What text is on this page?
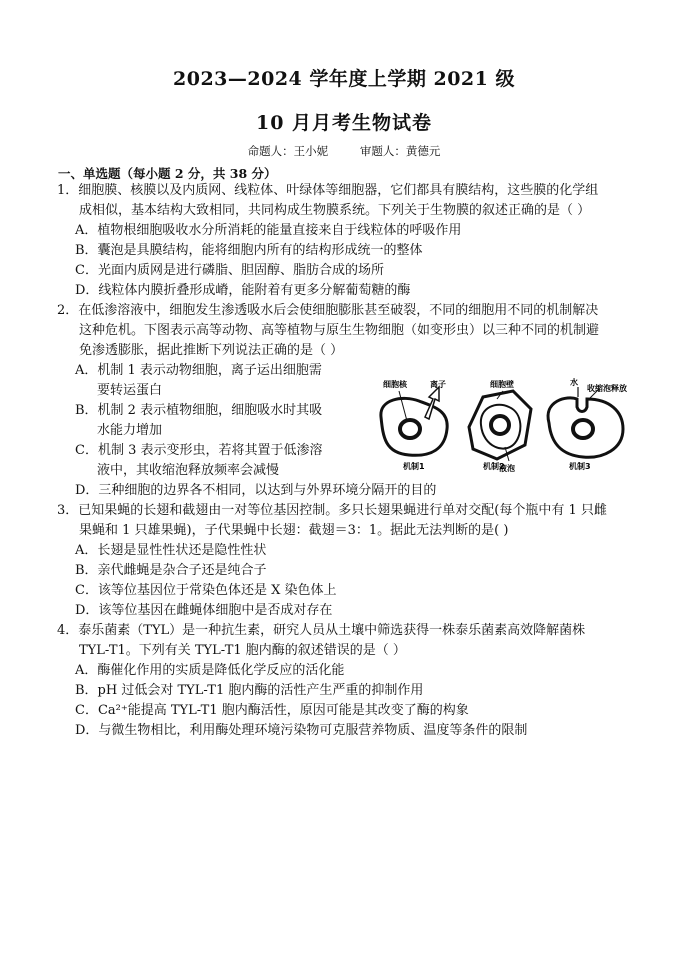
2023—2024 学年度上学期 2021 级
10 月月考生物试卷
命题人：王小妮	审题人：黄德元
一、单选题（每小题 2 分，共 38 分）
1．细胞膜、核膜以及内质网、线粒体、叶绿体等细胞器，它们都具有膜结构，这些膜的化学组
成相似，基本结构大致相同，共同构成生物膜系统。下列关于生物膜的叙述正确的是（ ）
A．植物根细胞吸收水分所消耗的能量直接来自于线粒体的呼吸作用
B．囊泡是具膜结构，能将细胞内所有的结构形成统一的整体
C．光面内质网是进行磷脂、胆固醇、脂肪合成的场所
D．线粒体内膜折叠形成嵴，能附着有更多分解葡萄糖的酶
2．在低渗溶液中，细胞发生渗透吸水后会使细胞膨胀甚至破裂，不同的细胞用不同的机制解决
这种危机。下图表示高等动物、高等植物与原生生物细胞（如变形虫）以三种不同的机制避
免渗透膨胀，据此推断下列说法正确的是（ ）
A．机制 1 表示动物细胞，离子运出细胞需
要转运蛋白
B．机制 2 表示植物细胞，细胞吸水时其吸
水能力增加
C．机制 3 表示变形虫，若将其置于低渗溶
液中，其收缩泡释放频率会减慢
D．三种细胞的边界各不相同，以达到与外界环境分隔开的目的
细胞核	离子	细胞壁
液泡
水
收缩泡释放
机制1	机制2	机制3
3．已知果蝇的长翅和截翅由一对等位基因控制。多只长翅果蝇进行单对交配(每个瓶中有 1 只雌
果蝇和 1 只雄果蝇)，子代果蝇中长翅：截翅＝3：1。据此无法判断的是( )
A．长翅是显性性状还是隐性性状
B．亲代雌蝇是杂合子还是纯合子
C．该等位基因位于常染色体还是 X 染色体上
D．该等位基因在雌蝇体细胞中是否成对存在
4．泰乐菌素（TYL）是一种抗生素，研究人员从土壤中筛选获得一株泰乐菌素高效降解菌株
TYL-T1。下列有关 TYL-T1 胞内酶的叙述错误的是（ ）
A．酶催化作用的实质是降低化学反应的活化能
B．pH 过低会对 TYL-T1 胞内酶的活性产生严重的抑制作用
C．Ca²⁺能提高 TYL-T1 胞内酶活性，原因可能是其改变了酶的构象
D．与微生物相比，利用酶处理环境污染物可克服营养物质、温度等条件的限制
